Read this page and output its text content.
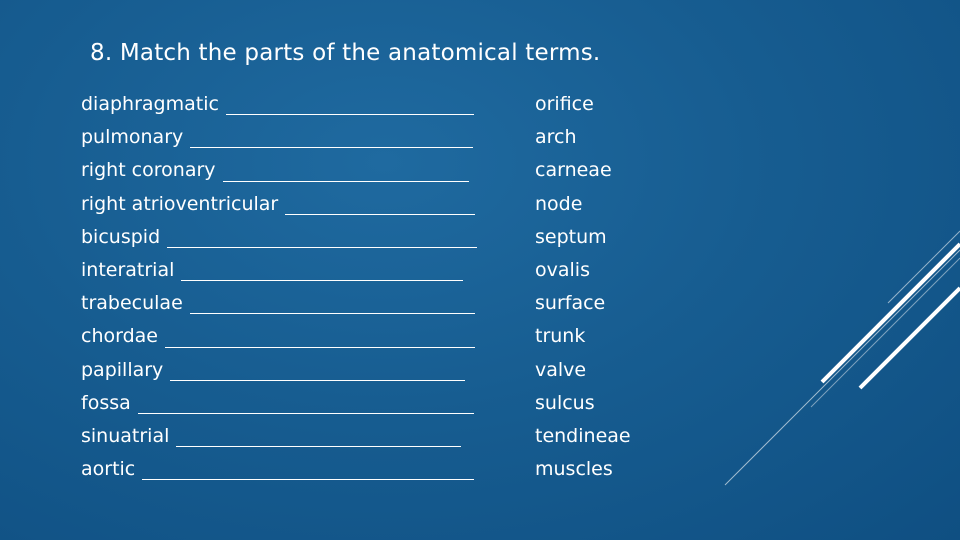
8. Match the parts of the anatomical terms.
diaphragmatic
pulmonary
right coronary
right atrioventricular
bicuspid
interatrial
trabeculae
chordae
papillary
fossa
sinuatrial
aortic
orifice
arch
carneae
node
septum
ovalis
surface
trunk
valve
sulcus
tendineae
muscles
